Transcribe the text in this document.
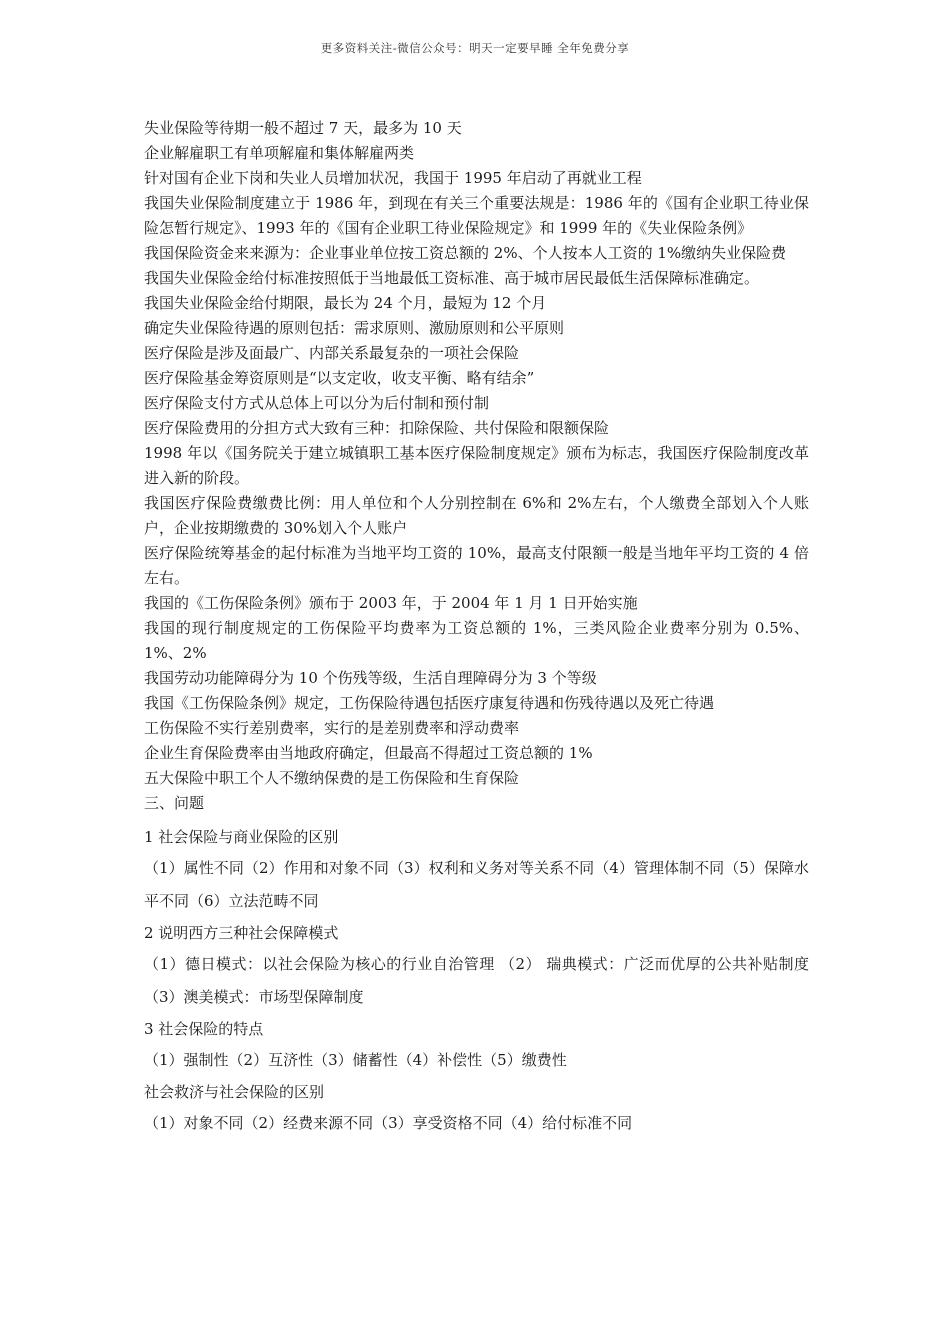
更多资料关注-微信公众号：明天一定要早睡 全年免费分享

失业保险等待期一般不超过 7 天，最多为 10 天

企业解雇职工有单项解雇和集体解雇两类

针对国有企业下岗和失业人员增加状况，我国于 1995 年启动了再就业工程

我国失业保险制度建立于 1986 年，到现在有关三个重要法规是：1986 年的《国有企业职工待业保险怎暂行规定》、1993 年的《国有企业职工待业保险规定》和 1999 年的《失业保险条例》

我国保险资金来来源为：企业事业单位按工资总额的 2%、个人按本人工资的 1%缴纳失业保险费

我国失业保险金给付标准按照低于当地最低工资标准、高于城市居民最低生活保障标准确定。

我国失业保险金给付期限，最长为 24 个月，最短为 12 个月

确定失业保险待遇的原则包括：需求原则、激励原则和公平原则

医疗保险是涉及面最广、内部关系最复杂的一项社会保险

医疗保险基金筹资原则是“以支定收，收支平衡、略有结余”

医疗保险支付方式从总体上可以分为后付制和预付制

医疗保险费用的分担方式大致有三种：扣除保险、共付保险和限额保险

1998 年以《国务院关于建立城镇职工基本医疗保险制度规定》颁布为标志，我国医疗保险制度改革进入新的阶段。

我国医疗保险费缴费比例：用人单位和个人分别控制在 6%和 2%左右，个人缴费全部划入个人账户，企业按期缴费的 30%划入个人账户

医疗保险统筹基金的起付标准为当地平均工资的 10%，最高支付限额一般是当地年平均工资的 4 倍左右。

我国的《工伤保险条例》颁布于 2003 年，于 2004 年 1 月 1 日开始实施

我国的现行制度规定的工伤保险平均费率为工资总额的 1%，三类风险企业费率分别为 0.5%、1%、2%

我国劳动功能障碍分为 10 个伤残等级，生活自理障碍分为 3 个等级

我国《工伤保险条例》规定，工伤保险待遇包括医疗康复待遇和伤残待遇以及死亡待遇

工伤保险不实行差别费率，实行的是差别费率和浮动费率

企业生育保险费率由当地政府确定，但最高不得超过工资总额的 1%

五大保险中职工个人不缴纳保费的是工伤保险和生育保险

三、问题

1 社会保险与商业保险的区别

（1）属性不同（2）作用和对象不同（3）权利和义务对等关系不同（4）管理体制不同（5）保障水平不同（6）立法范畴不同

2 说明西方三种社会保障模式

（1）德日模式：以社会保险为核心的行业自治管理 （2） 瑞典模式：广泛而优厚的公共补贴制度（3）澳美模式：市场型保障制度

3 社会保险的特点

（1）强制性（2）互济性（3）储蓄性（4）补偿性（5）缴费性

社会救济与社会保险的区别

（1）对象不同（2）经费来源不同（3）享受资格不同（4）给付标准不同
